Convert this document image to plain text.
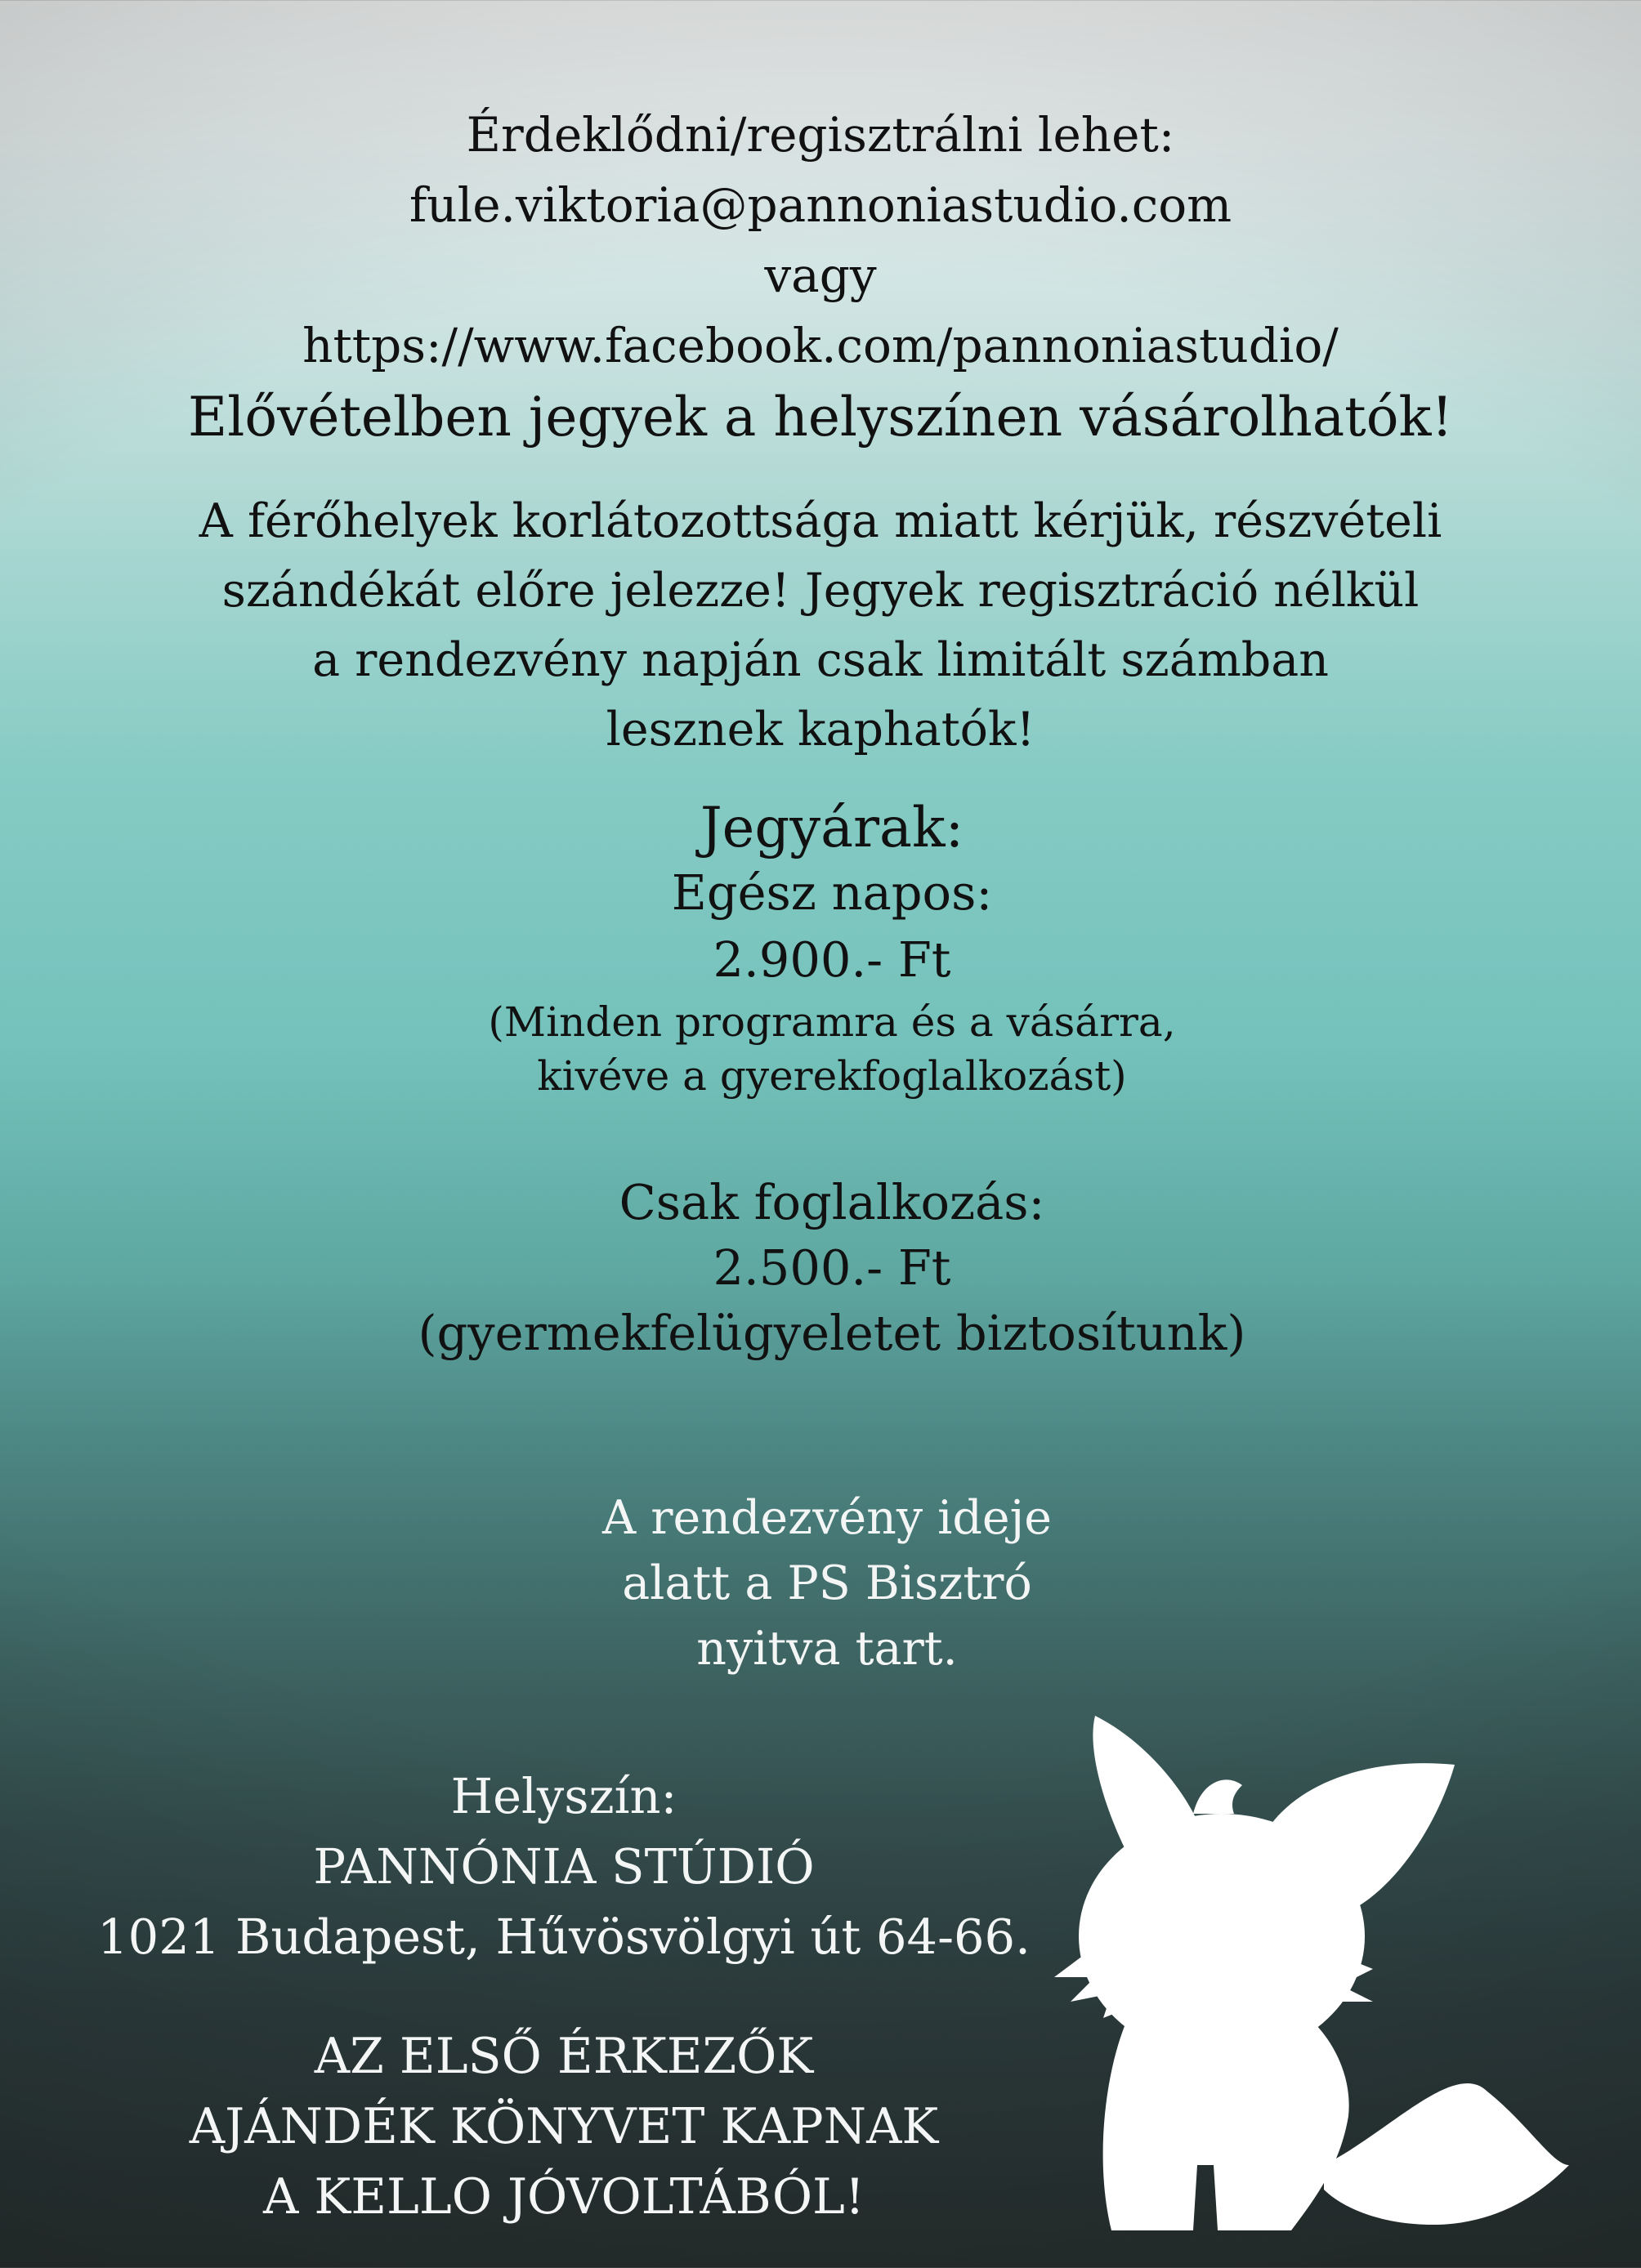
Érdeklődni/regisztrálni lehet:
fule.viktoria@pannoniastudio.com
vagy
https://www.facebook.com/pannoniastudio/
Elővételben jegyek a helyszínen vásárolhatók!
A férőhelyek korlátozottsága miatt kérjük, részvételi
szándékát előre jelezze! Jegyek regisztráció nélkül
a rendezvény napján csak limitált számban
lesznek kaphatók!
Jegyárak:
Egész napos:
2.900.- Ft
(Minden programra és a vásárra,
kivéve a gyerekfoglalkozást)
Csak foglalkozás:
2.500.- Ft
(gyermekfelügyeletet biztosítunk)
A rendezvény ideje
alatt a PS Bisztró
nyitva tart.
Helyszín:
PANNÓNIA STÚDIÓ
1021 Budapest, Hűvösvölgyi út 64-66.
AZ ELSŐ ÉRKEZŐK
AJÁNDÉK KÖNYVET KAPNAK
A KELLO JÓVOLTÁBÓL!
